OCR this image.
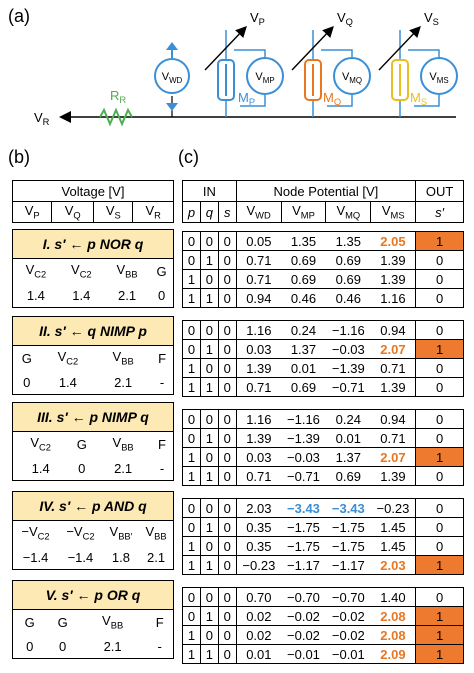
(a)
(b)	(c)
$V_R$
$R_R$
$V_{WD}$
$V_P$
$V_{MP}$
$M_P$
$V_Q$
$V_{MQ}$
$M_Q$
$V_S$
$V_{MS}$
$M_S$
Voltage [V]
$V_P$	$V_Q$	$V_S$	$V_R$
I. s′ ← p NOR q			
$V_{C2}$	$V_{C2}$	$V_{BB}$	G
1.4	1.4	2.1	0
II. s′ ← q NIMP p			
G	$V_{C2}$	$V_{BB}$	F
0	1.4	2.1	-
III. s′ ← p NIMP q			
$V_{C2}$	G	$V_{BB}$	F
1.4	0	2.1	-
IV. s′ ← p AND q			
$-V_{C2}$	$-V_{C2}$	$V_{BB'}$	$V_{BB}$
−1.4	−1.4	1.8	2.1
V. s′ ← p OR q			
G	G	$V_{BB}$	F
0	0	2.1	-
IN			Node Potential [V]				OUT
p	q	s	$V_{WD}$	$V_{MP}$	$V_{MQ}$	$V_{MS}$	s′

0	0	0	0.05	1.35	1.35	2.05	1
0	1	0	0.71	0.69	0.69	1.39	0
1	0	0	0.71	0.69	0.69	1.39	0
1	1	0	0.94	0.46	0.46	1.16	0

0	0	0	1.16	0.24	−1.16	0.94	0
0	1	0	0.03	1.37	−0.03	2.07	1
1	0	0	1.39	0.01	−1.39	0.71	0
1	1	0	0.71	0.69	−0.71	1.39	0

0	0	0	1.16	−1.16	0.24	0.94	0
0	1	0	1.39	−1.39	0.01	0.71	0
1	0	0	0.03	−0.03	1.37	2.07	1
1	1	0	0.71	−0.71	0.69	1.39	0

0	0	0	2.03	−3.43	−3.43	−0.23	0
0	1	0	0.35	−1.75	−1.75	1.45	0
1	0	0	0.35	−1.75	−1.75	1.45	0
1	1	0	−0.23	−1.17	−1.17	2.03	1

0	0	0	0.70	−0.70	−0.70	1.40	0
0	1	0	0.02	−0.02	−0.02	2.08	1
1	0	0	0.02	−0.02	−0.02	2.08	1
1	1	0	0.01	−0.01	−0.01	2.09	1
